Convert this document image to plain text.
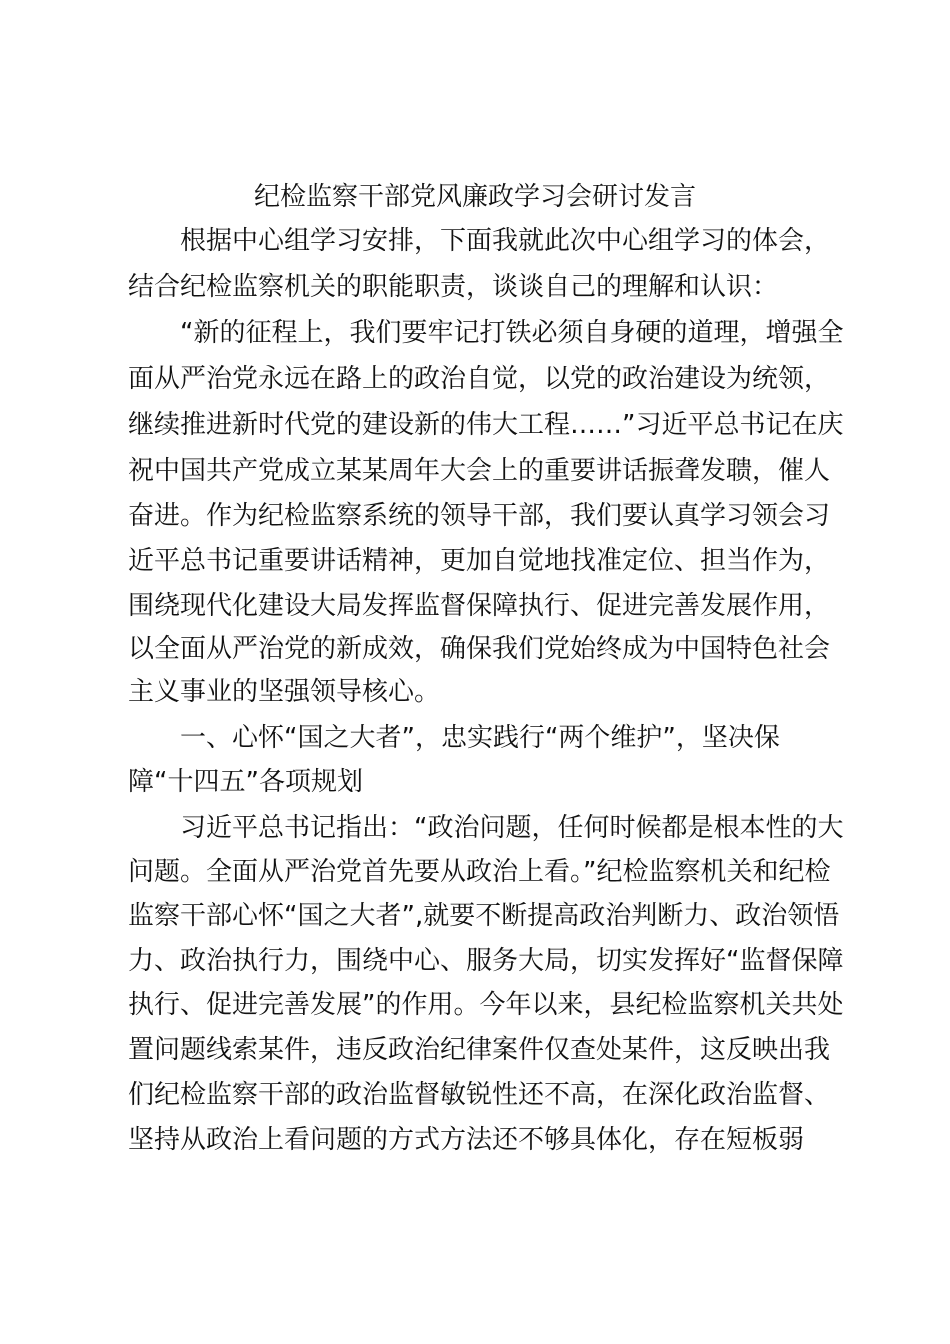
纪检监察干部党风廉政学习会研讨发言
根据中心组学习安排，下面我就此次中心组学习的体会，
结合纪检监察机关的职能职责，谈谈自己的理解和认识：
“新的征程上，我们要牢记打铁必须自身硬的道理，增强全
面从严治党永远在路上的政治自觉，以党的政治建设为统领，
继续推进新时代党的建设新的伟大工程……”习近平总书记在庆
祝中国共产党成立某某周年大会上的重要讲话振聋发聩，催人
奋进。作为纪检监察系统的领导干部，我们要认真学习领会习
近平总书记重要讲话精神，更加自觉地找准定位、担当作为，
围绕现代化建设大局发挥监督保障执行、促进完善发展作用，
以全面从严治党的新成效，确保我们党始终成为中国特色社会
主义事业的坚强领导核心。
一、心怀“国之大者”，忠实践行“两个维护”，坚决保
障“十四五”各项规划
习近平总书记指出：“政治问题，任何时候都是根本性的大
问题。全面从严治党首先要从政治上看。”纪检监察机关和纪检
监察干部心怀“国之大者”,就要不断提高政治判断力、政治领悟
力、政治执行力，围绕中心、服务大局，切实发挥好“监督保障
执行、促进完善发展”的作用。今年以来，县纪检监察机关共处
置问题线索某件，违反政治纪律案件仅查处某件，这反映出我
们纪检监察干部的政治监督敏锐性还不高，在深化政治监督、
坚持从政治上看问题的方式方法还不够具体化，存在短板弱
